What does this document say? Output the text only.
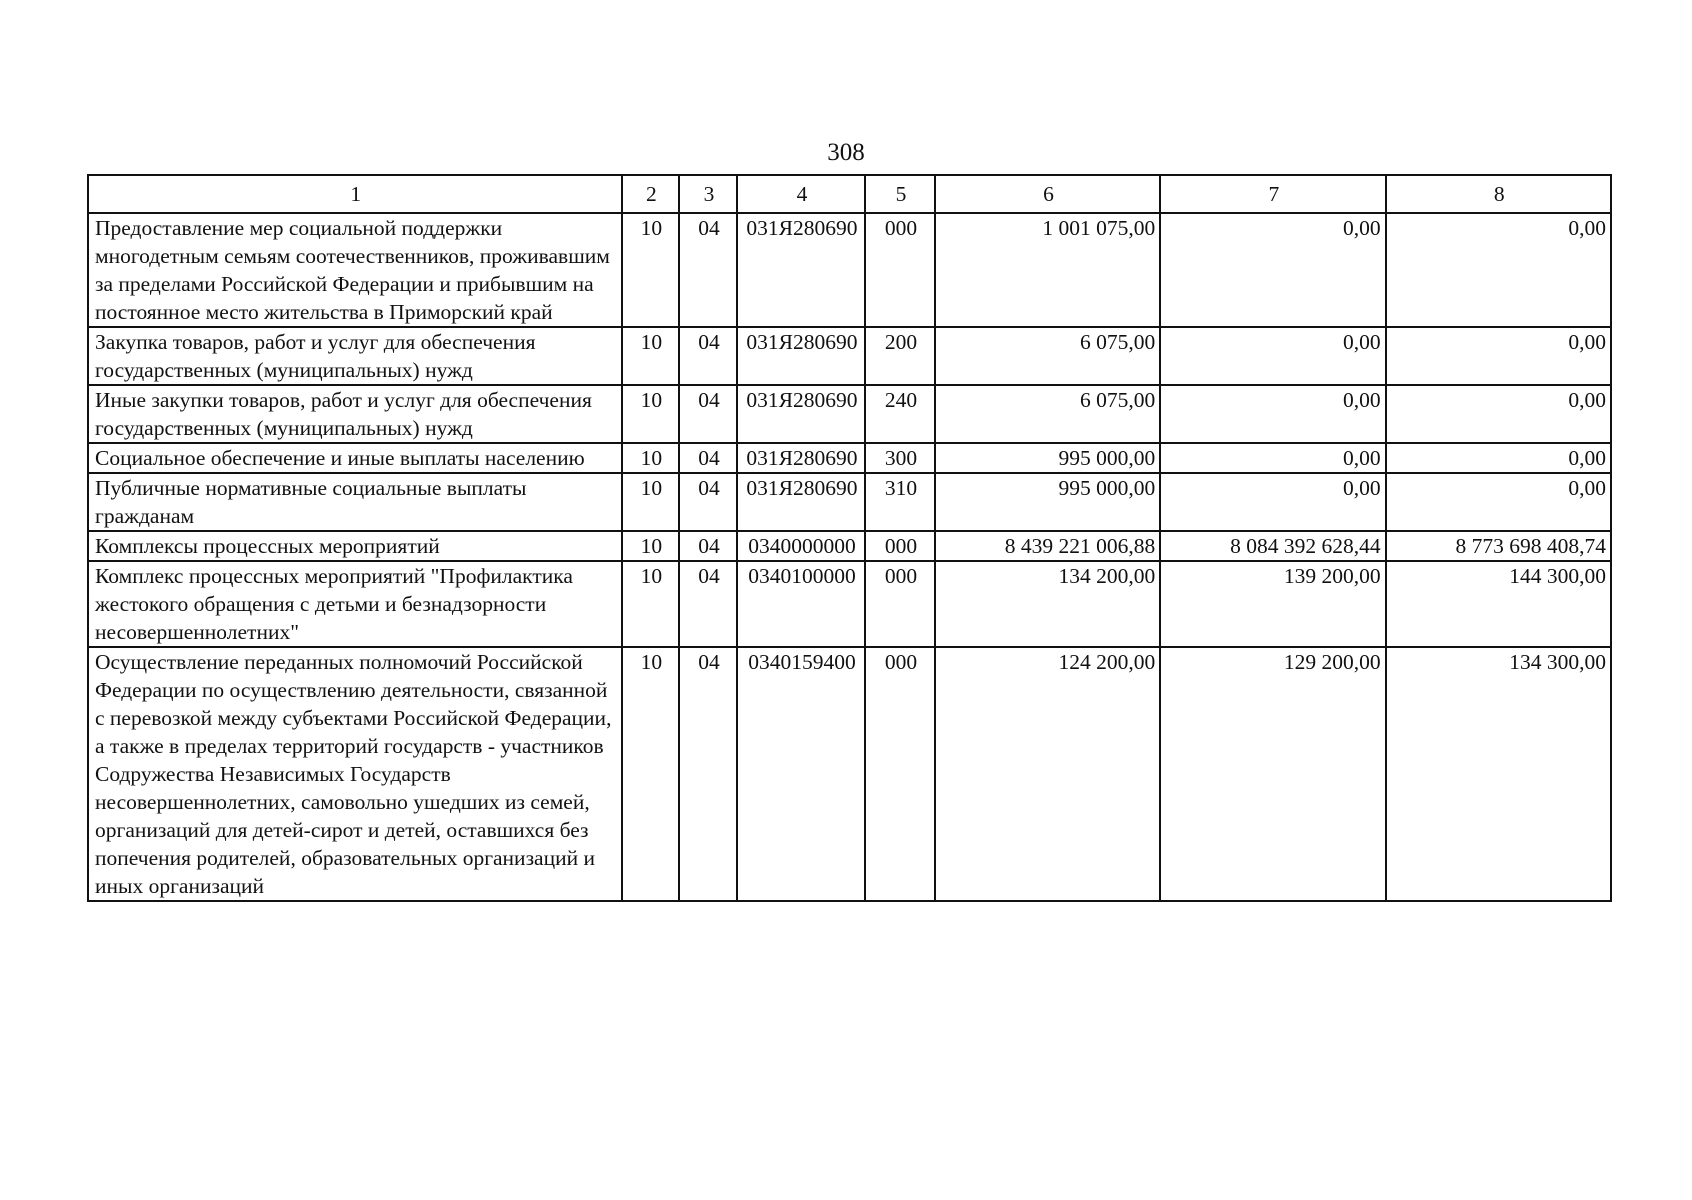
308
1	2	3	4	5	6	7	8
Предоставление мер социальной поддержки многодетным семьям соотечественников, проживавшим за пределами Российской Федерации и прибывшим на постоянное место жительства в Приморский край	10	04	031Я280690	000	1 001 075,00	0,00	0,00
Закупка товаров, работ и услуг для обеспечения государственных (муниципальных) нужд	10	04	031Я280690	200	6 075,00	0,00	0,00
Иные закупки товаров, работ и услуг для обеспечения государственных (муниципальных) нужд	10	04	031Я280690	240	6 075,00	0,00	0,00
Социальное обеспечение и иные выплаты населению	10	04	031Я280690	300	995 000,00	0,00	0,00
Публичные нормативные социальные выплаты гражданам	10	04	031Я280690	310	995 000,00	0,00	0,00
Комплексы процессных мероприятий	10	04	0340000000	000	8 439 221 006,88	8 084 392 628,44	8 773 698 408,74
Комплекс процессных мероприятий "Профилактика жестокого обращения с детьми и безнадзорности несовершеннолетних"	10	04	0340100000	000	134 200,00	139 200,00	144 300,00
Осуществление переданных полномочий Российской Федерации по осуществлению деятельности, связанной с перевозкой между субъектами Российской Федерации, а также в пределах территорий государств - участников Содружества Независимых Государств несовершеннолетних, самовольно ушедших из семей, организаций для детей-сирот и детей, оставшихся без попечения родителей, образовательных организаций и иных организаций	10	04	0340159400	000	124 200,00	129 200,00	134 300,00
